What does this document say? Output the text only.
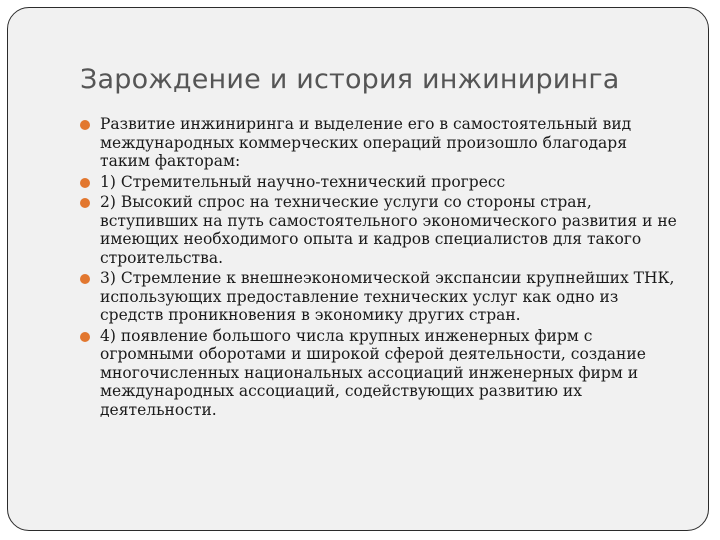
Зарождение и история инжиниринга
Развитие инжиниринга и выделение его в самостоятельный вид международных коммерческих операций произошло благодаря таким факторам:
1) Стремительный научно-технический прогресс
2) Высокий спрос на технические услуги со стороны стран, вступивших на путь самостоятельного экономического развития и не имеющих необходимого опыта и кадров специалистов для такого строительства.
3) Стремление к внешнеэкономической экспансии крупнейших ТНК, использующих предоставление технических услуг как одно из средств проникновения в экономику других стран.
4) появление большого числа крупных инженерных фирм с огромными оборотами и широкой сферой деятельности, создание многочисленных национальных ассоциаций инженерных фирм и международных ассоциаций, содействующих развитию их деятельности.
